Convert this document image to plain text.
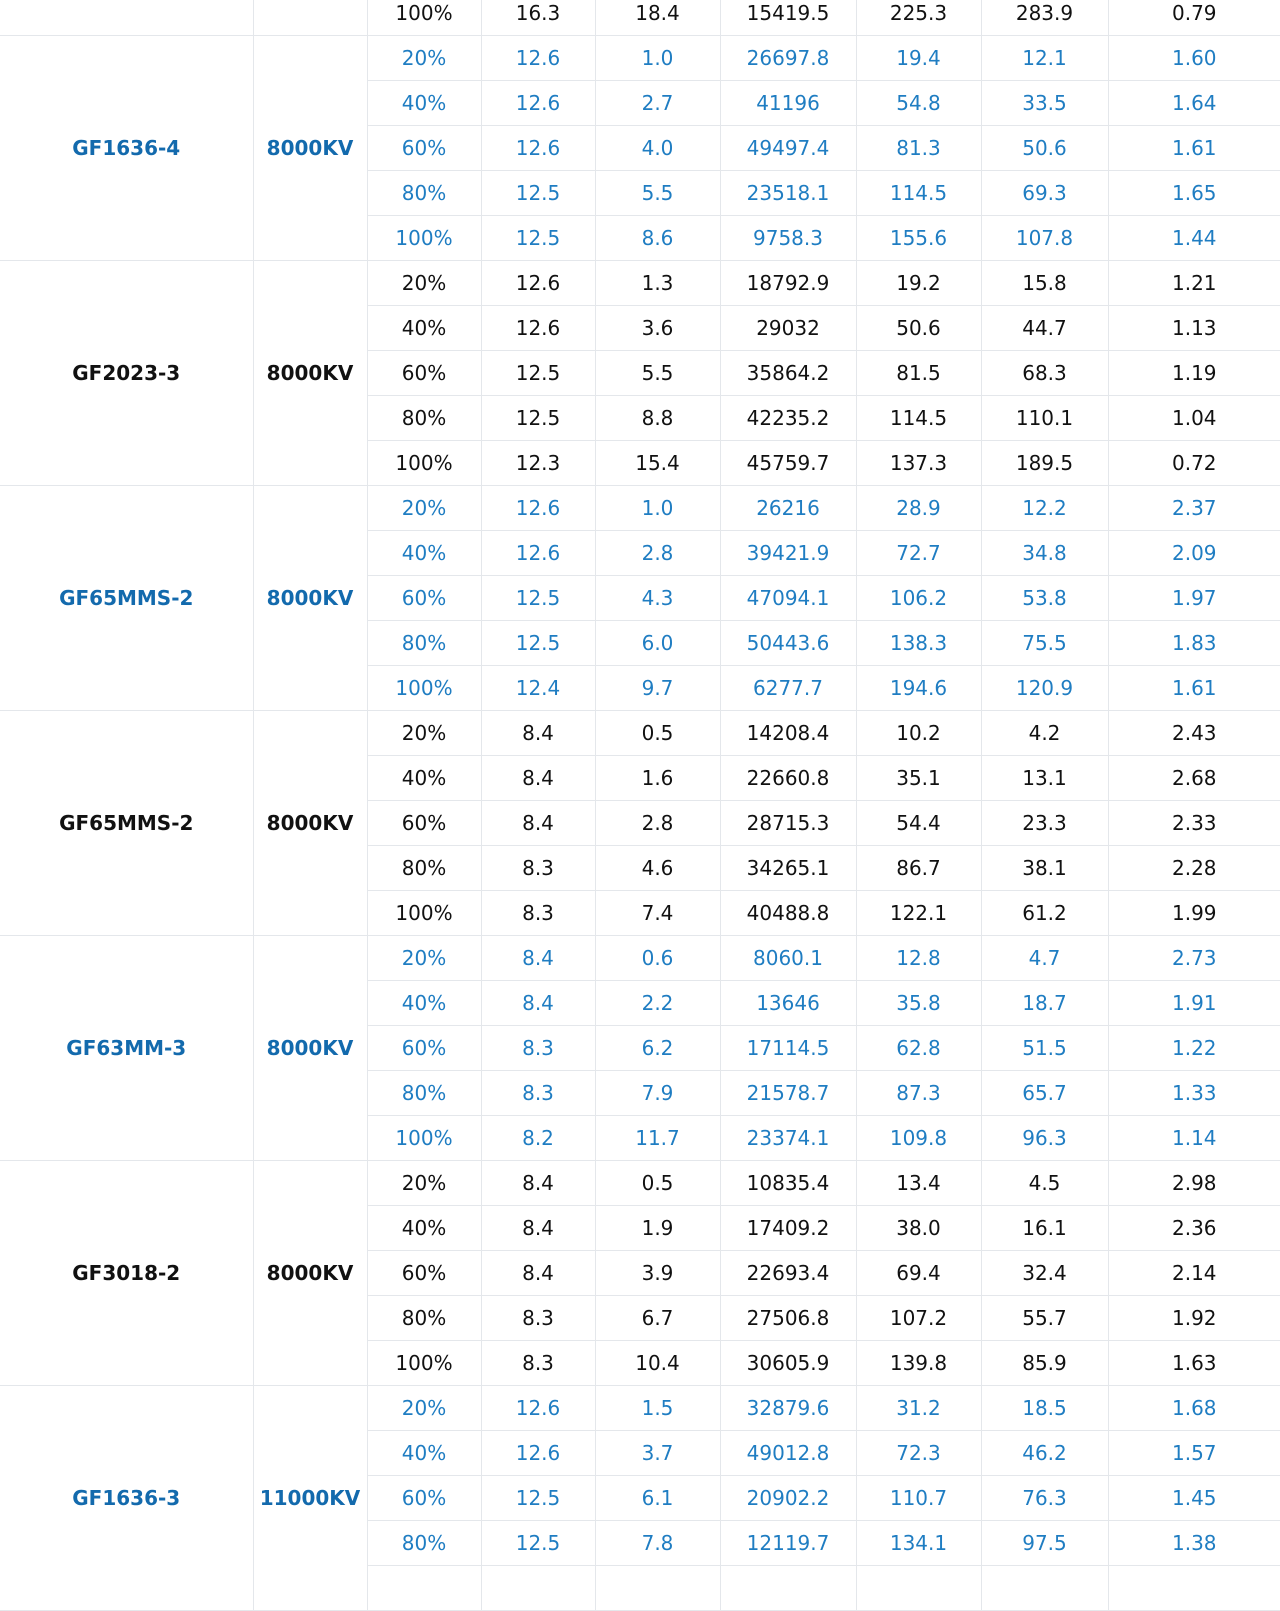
		100%	16.3	18.4	15419.5	225.3	283.9	0.79
GF1636-4	8000KV	20%	12.6	1.0	26697.8	19.4	12.1	1.60
		40%	12.6	2.7	41196	54.8	33.5	1.64
		60%	12.6	4.0	49497.4	81.3	50.6	1.61
		80%	12.5	5.5	23518.1	114.5	69.3	1.65
		100%	12.5	8.6	9758.3	155.6	107.8	1.44
GF2023-3	8000KV	20%	12.6	1.3	18792.9	19.2	15.8	1.21
		40%	12.6	3.6	29032	50.6	44.7	1.13
		60%	12.5	5.5	35864.2	81.5	68.3	1.19
		80%	12.5	8.8	42235.2	114.5	110.1	1.04
		100%	12.3	15.4	45759.7	137.3	189.5	0.72
GF65MMS-2	8000KV	20%	12.6	1.0	26216	28.9	12.2	2.37
		40%	12.6	2.8	39421.9	72.7	34.8	2.09
		60%	12.5	4.3	47094.1	106.2	53.8	1.97
		80%	12.5	6.0	50443.6	138.3	75.5	1.83
		100%	12.4	9.7	6277.7	194.6	120.9	1.61
GF65MMS-2	8000KV	20%	8.4	0.5	14208.4	10.2	4.2	2.43
		40%	8.4	1.6	22660.8	35.1	13.1	2.68
		60%	8.4	2.8	28715.3	54.4	23.3	2.33
		80%	8.3	4.6	34265.1	86.7	38.1	2.28
		100%	8.3	7.4	40488.8	122.1	61.2	1.99
GF63MM-3	8000KV	20%	8.4	0.6	8060.1	12.8	4.7	2.73
		40%	8.4	2.2	13646	35.8	18.7	1.91
		60%	8.3	6.2	17114.5	62.8	51.5	1.22
		80%	8.3	7.9	21578.7	87.3	65.7	1.33
		100%	8.2	11.7	23374.1	109.8	96.3	1.14
GF3018-2	8000KV	20%	8.4	0.5	10835.4	13.4	4.5	2.98
		40%	8.4	1.9	17409.2	38.0	16.1	2.36
		60%	8.4	3.9	22693.4	69.4	32.4	2.14
		80%	8.3	6.7	27506.8	107.2	55.7	1.92
		100%	8.3	10.4	30605.9	139.8	85.9	1.63
GF1636-3	11000KV	20%	12.6	1.5	32879.6	31.2	18.5	1.68
		40%	12.6	3.7	49012.8	72.3	46.2	1.57
		60%	12.5	6.1	20902.2	110.7	76.3	1.45
		80%	12.5	7.8	12119.7	134.1	97.5	1.38
